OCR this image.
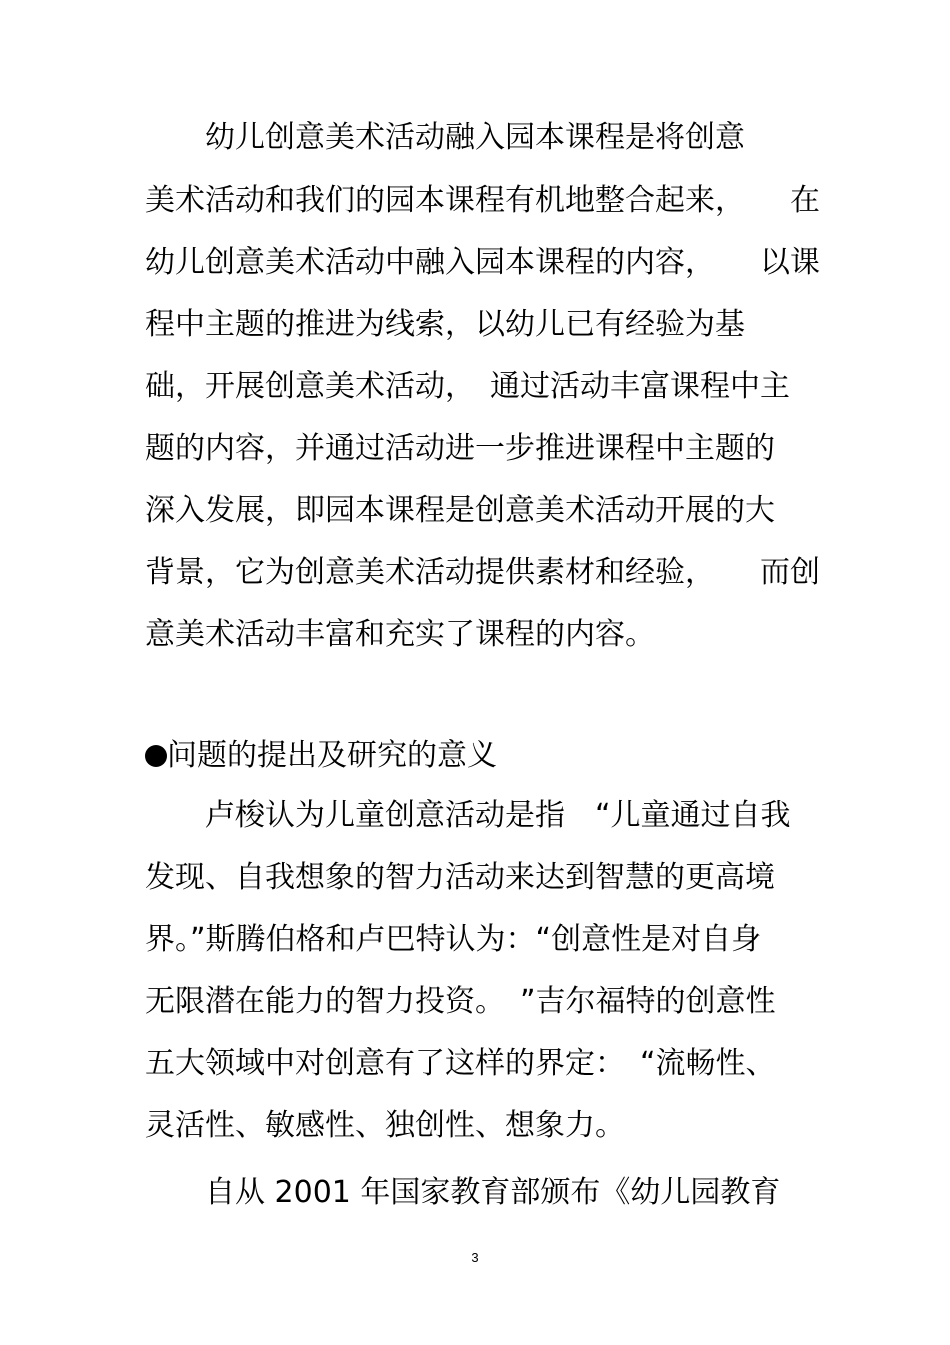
　　幼儿创意美术活动融入园本课程是将创意

美术活动和我们的园本课程有机地整合起来，　　在

幼儿创意美术活动中融入园本课程的内容，　　以课

程中主题的推进为线索，以幼儿已有经验为基

础，开展创意美术活动，　通过活动丰富课程中主

题的内容，并通过活动进一步推进课程中主题的

深入发展，即园本课程是创意美术活动开展的大

背景，它为创意美术活动提供素材和经验，　　而创

意美术活动丰富和充实了课程的内容。

问题的提出及研究的意义

　　卢梭认为儿童创意活动是指　“儿童通过自我

发现、自我想象的智力活动来达到智慧的更高境

界。”斯腾伯格和卢巴特认为：“创意性是对自身

无限潜在能力的智力投资。　”吉尔福特的创意性

五大领域中对创意有了这样的界定：　“流畅性、

灵活性、敏感性、独创性、想象力。

　　自从 2001 年国家教育部颁布《幼儿园教育

3
